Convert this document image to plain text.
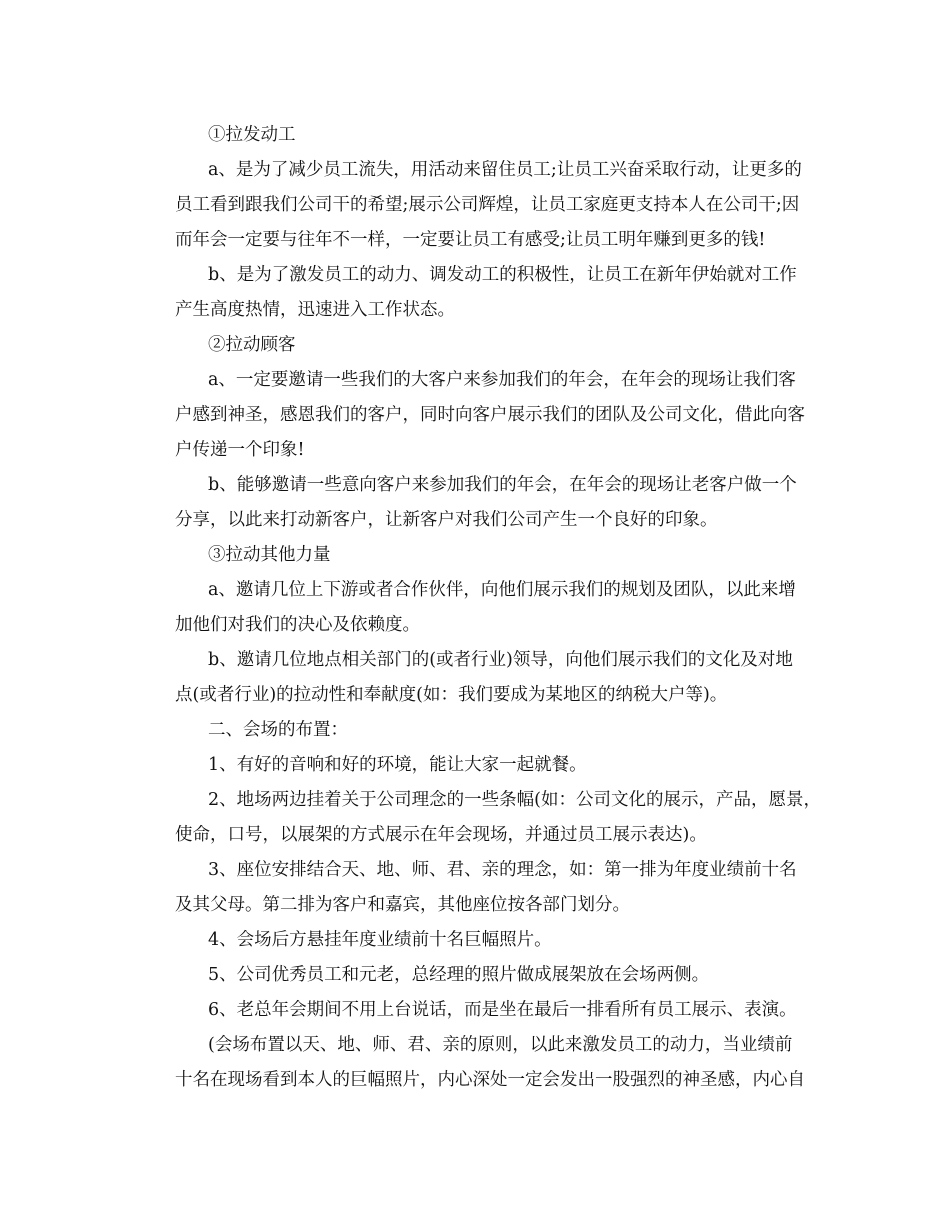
①拉发动工

a、是为了减少员工流失，用活动来留住员工;让员工兴奋采取行动，让更多的
员工看到跟我们公司干的希望;展示公司辉煌，让员工家庭更支持本人在公司干;因
而年会一定要与往年不一样，一定要让员工有感受;让员工明年赚到更多的钱!

b、是为了激发员工的动力、调发动工的积极性，让员工在新年伊始就对工作
产生高度热情，迅速进入工作状态。

②拉动顾客

a、一定要邀请一些我们的大客户来参加我们的年会，在年会的现场让我们客
户感到神圣，感恩我们的客户，同时向客户展示我们的团队及公司文化，借此向客
户传递一个印象!

b、能够邀请一些意向客户来参加我们的年会，在年会的现场让老客户做一个
分享，以此来打动新客户，让新客户对我们公司产生一个良好的印象。

③拉动其他力量

a、邀请几位上下游或者合作伙伴，向他们展示我们的规划及团队，以此来增
加他们对我们的决心及依赖度。

b、邀请几位地点相关部门的(或者行业)领导，向他们展示我们的文化及对地
点(或者行业)的拉动性和奉献度(如：我们要成为某地区的纳税大户等)。

二、会场的布置：

1、有好的音响和好的环境，能让大家一起就餐。

2、地场两边挂着关于公司理念的一些条幅(如：公司文化的展示，产品，愿景，
使命，口号，以展架的方式展示在年会现场，并通过员工展示表达)。

3、座位安排结合天、地、师、君、亲的理念，如：第一排为年度业绩前十名
及其父母。第二排为客户和嘉宾，其他座位按各部门划分。

4、会场后方悬挂年度业绩前十名巨幅照片。

5、公司优秀员工和元老，总经理的照片做成展架放在会场两侧。

6、老总年会期间不用上台说话，而是坐在最后一排看所有员工展示、表演。

(会场布置以天、地、师、君、亲的原则，以此来激发员工的动力，当业绩前
十名在现场看到本人的巨幅照片，内心深处一定会发出一股强烈的神圣感，内心自
